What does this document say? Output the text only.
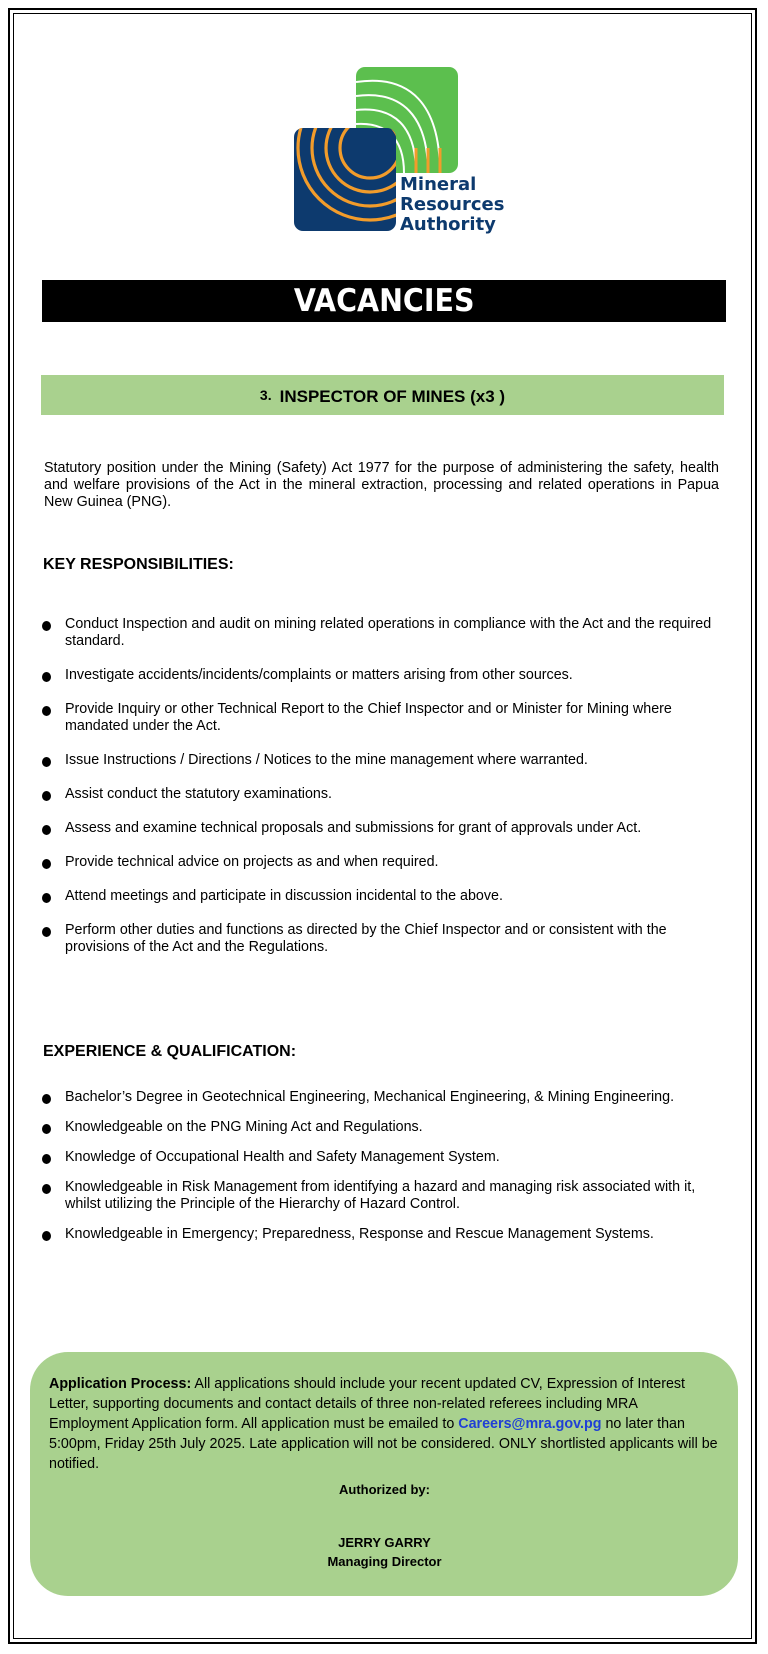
Mineral
Resources
Authority
VACANCIES
3. INSPECTOR OF MINES (x3 )
Statutory position under the Mining (Safety) Act 1977 for the purpose of administering the safety, health and welfare provisions of the Act in the mineral extraction, processing and related operations in Papua New Guinea (PNG).
KEY RESPONSIBILITIES:
Conduct Inspection and audit on mining related operations in compliance with the Act and the required standard.
Investigate accidents/incidents/complaints or matters arising from other sources.
Provide Inquiry or other Technical Report to the Chief Inspector and or Minister for Mining where mandated under the Act.
Issue Instructions / Directions / Notices to the mine management where warranted.
Assist conduct the statutory examinations.
Assess and examine technical proposals and submissions for grant of approvals under Act.
Provide technical advice on projects as and when required.
Attend meetings and participate in discussion incidental to the above.
Perform other duties and functions as directed by the Chief Inspector and or consistent with the provisions of the Act and the Regulations.
EXPERIENCE & QUALIFICATION:
Bachelor’s Degree in Geotechnical Engineering, Mechanical Engineering, & Mining Engineering.
Knowledgeable on the PNG Mining Act and Regulations.
Knowledge of Occupational Health and Safety Management System.
Knowledgeable in Risk Management from identifying a hazard and managing risk associated with it, whilst utilizing the Principle of the Hierarchy of Hazard Control.
Knowledgeable in Emergency; Preparedness, Response and Rescue Management Systems.
Application Process: All applications should include your recent updated CV, Expression of Interest Letter, supporting documents and contact details of three non-related referees including MRA Employment Application form. All application must be emailed to Careers@mra.gov.pg no later than 5:00pm, Friday 25th July 2025. Late application will not be considered. ONLY shortlisted applicants will be notified.
Authorized by:
JERRY GARRY
Managing Director
